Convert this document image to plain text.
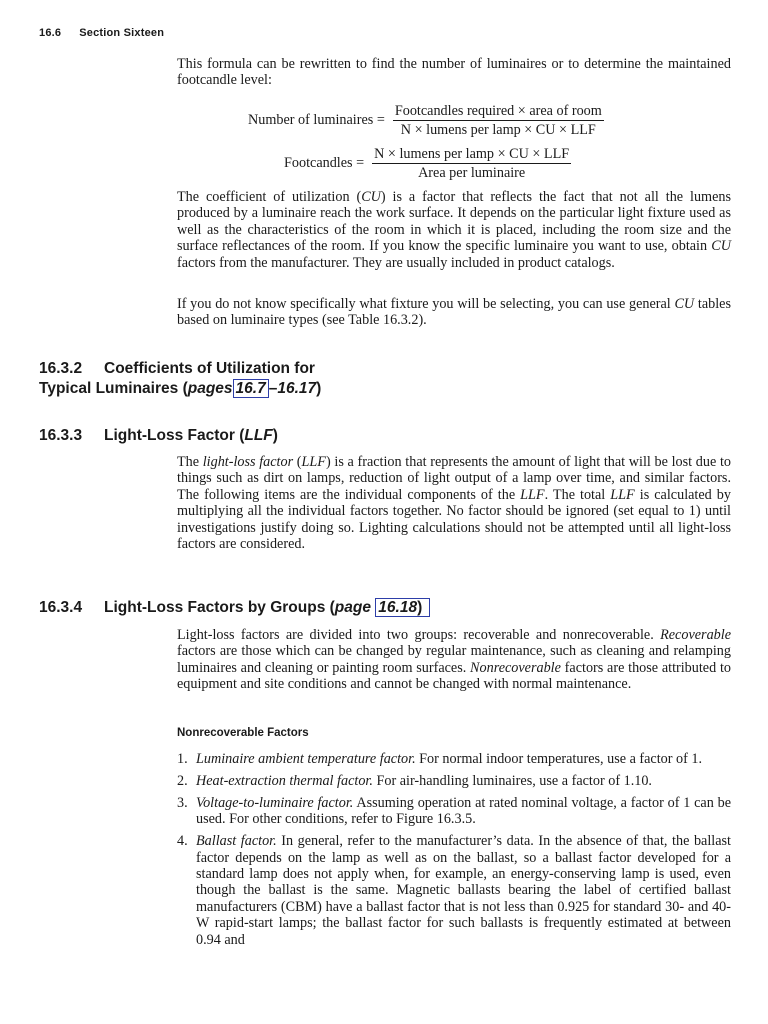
16.6 Section Sixteen

This formula can be rewritten to find the number of luminaires or to determine the maintained footcandle level:

Number of luminaires = $\frac{\text{Footcandles required × area of room}}{\text{N × lumens per lamp × CU × LLF}}$
Footcandles = $\frac{\text{N × lumens per lamp × CU × LLF}}{\text{Area per luminaire}}$

The coefficient of utilization (CU) is a factor that reflects the fact that not all the lumens produced by a luminaire reach the work surface. It depends on the particular light fixture used as well as the characteristics of the room in which it is placed, including the room size and the surface reflectances of the room. If you know the specific luminaire you want to use, obtain CU factors from the manufacturer. They are usually included in product catalogs.

If you do not know specifically what fixture you will be selecting, you can use general CU tables based on luminaire types (see Table 16.3.2).

16.3.2 Coefficients of Utilization for
Typical Luminaires (pages 16.7 –16.17)
16.3.3 Light-Loss Factor (LLF)

The light-loss factor (LLF) is a fraction that represents the amount of light that will be lost due to things such as dirt on lamps, reduction of light output of a lamp over time, and similar factors. The following items are the individual components of the LLF. The total LLF is calculated by multiplying all the individual factors together. No factor should be ignored (set equal to 1) until investigations justify doing so. Lighting calculations should not be attempted until all light-loss factors are considered.

16.3.4 Light-Loss Factors by Groups (page 16.18)

Light-loss factors are divided into two groups: recoverable and nonrecoverable. Recoverable factors are those which can be changed by regular maintenance, such as cleaning and relamping luminaires and cleaning or painting room surfaces. Nonrecoverable factors are those attributed to equipment and site conditions and cannot be changed with normal maintenance.

Nonrecoverable Factors
1. Luminaire ambient temperature factor. For normal indoor temperatures, use a factor of 1.
2. Heat-extraction thermal factor. For air-handling luminaires, use a factor of 1.10.
3. Voltage-to-luminaire factor. Assuming operation at rated nominal voltage, a factor of 1 can be used. For other conditions, refer to Figure 16.3.5.
4. Ballast factor. In general, refer to the manufacturer’s data. In the absence of that, the ballast factor depends on the lamp as well as on the ballast, so a ballast factor developed for a standard lamp does not apply when, for example, an energy-conserving lamp is used, even though the ballast is the same. Magnetic ballasts bearing the label of certified ballast manufacturers (CBM) have a ballast factor that is not less than 0.925 for standard 30- and 40-W rapid-start lamps; the ballast factor for such ballasts is frequently estimated at between 0.94 and
